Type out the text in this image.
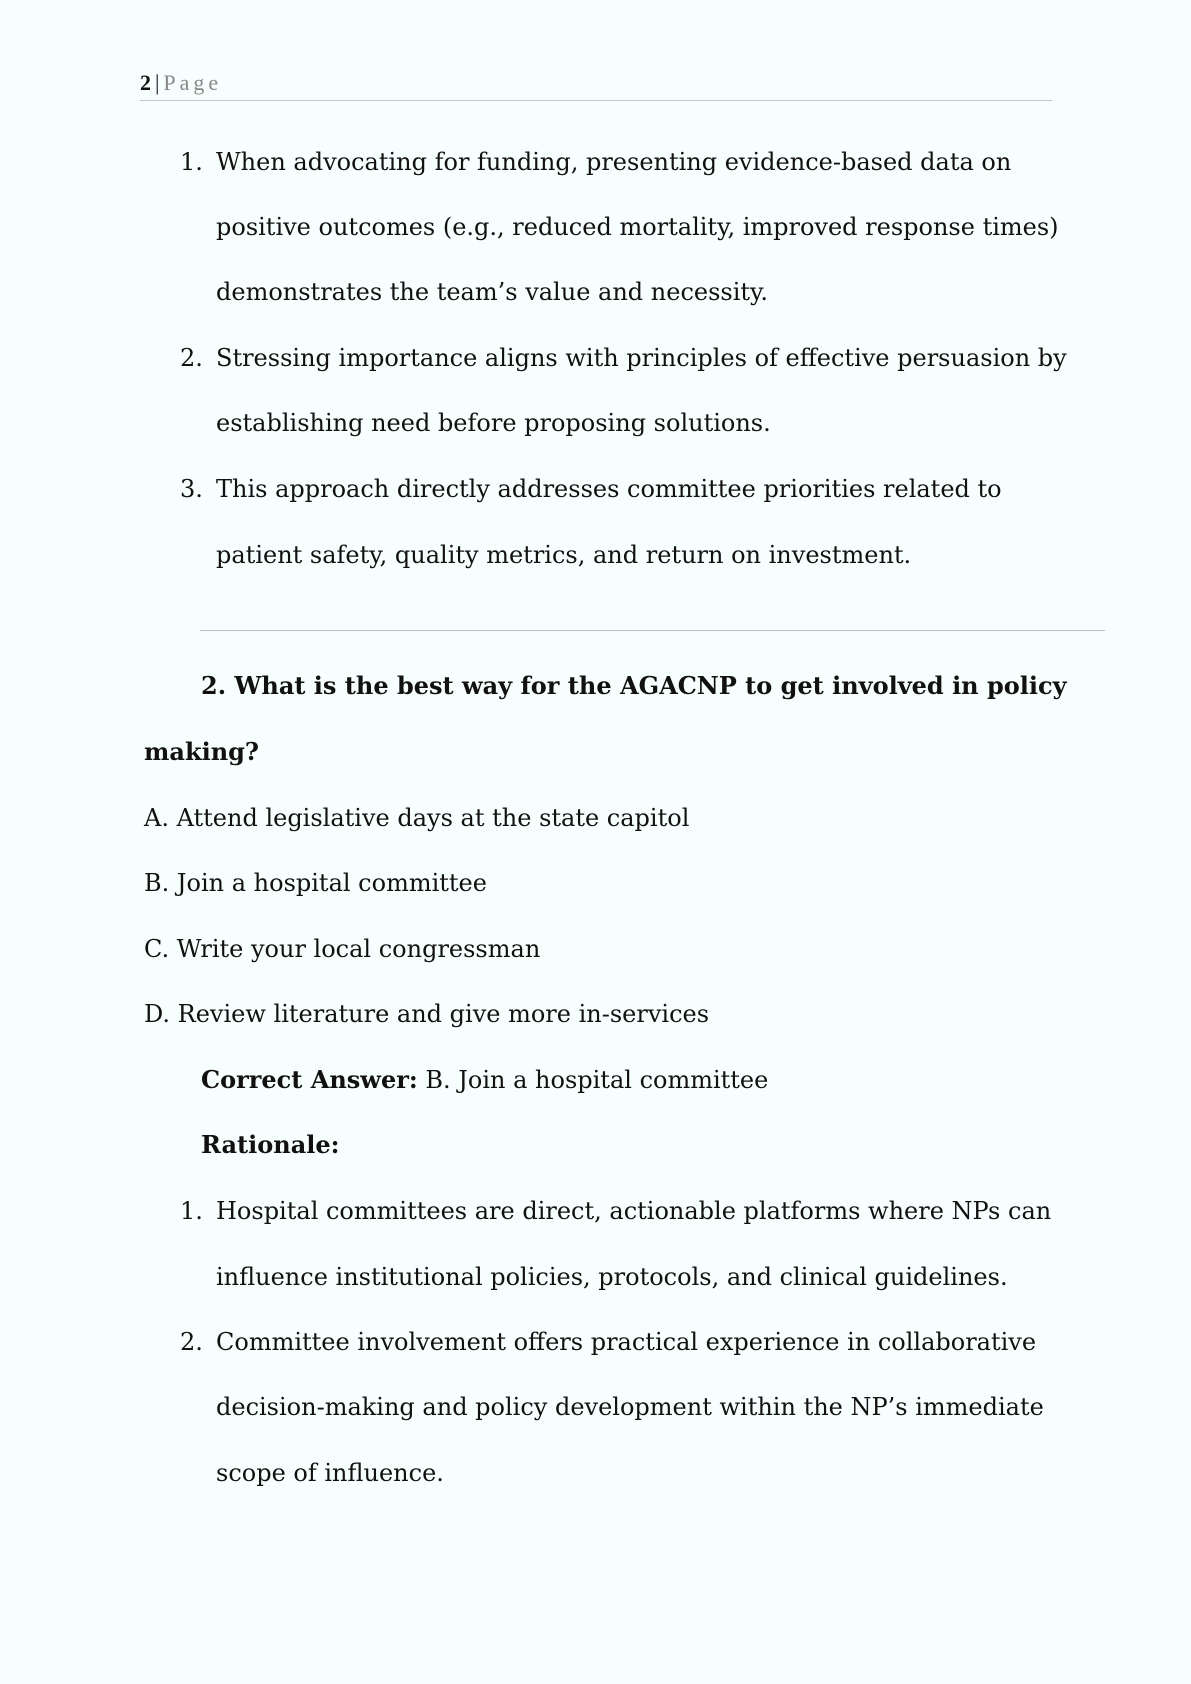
2 | Page
1. When advocating for funding, presenting evidence-based data on
positive outcomes (e.g., reduced mortality, improved response times)
demonstrates the team’s value and necessity.
2. Stressing importance aligns with principles of effective persuasion by
establishing need before proposing solutions.
3. This approach directly addresses committee priorities related to
patient safety, quality metrics, and return on investment.
2. What is the best way for the AGACNP to get involved in policy
making?
A. Attend legislative days at the state capitol
B. Join a hospital committee
C. Write your local congressman
D. Review literature and give more in-services
Correct Answer: B. Join a hospital committee
Rationale:
1. Hospital committees are direct, actionable platforms where NPs can
influence institutional policies, protocols, and clinical guidelines.
2. Committee involvement offers practical experience in collaborative
decision-making and policy development within the NP’s immediate
scope of influence.
